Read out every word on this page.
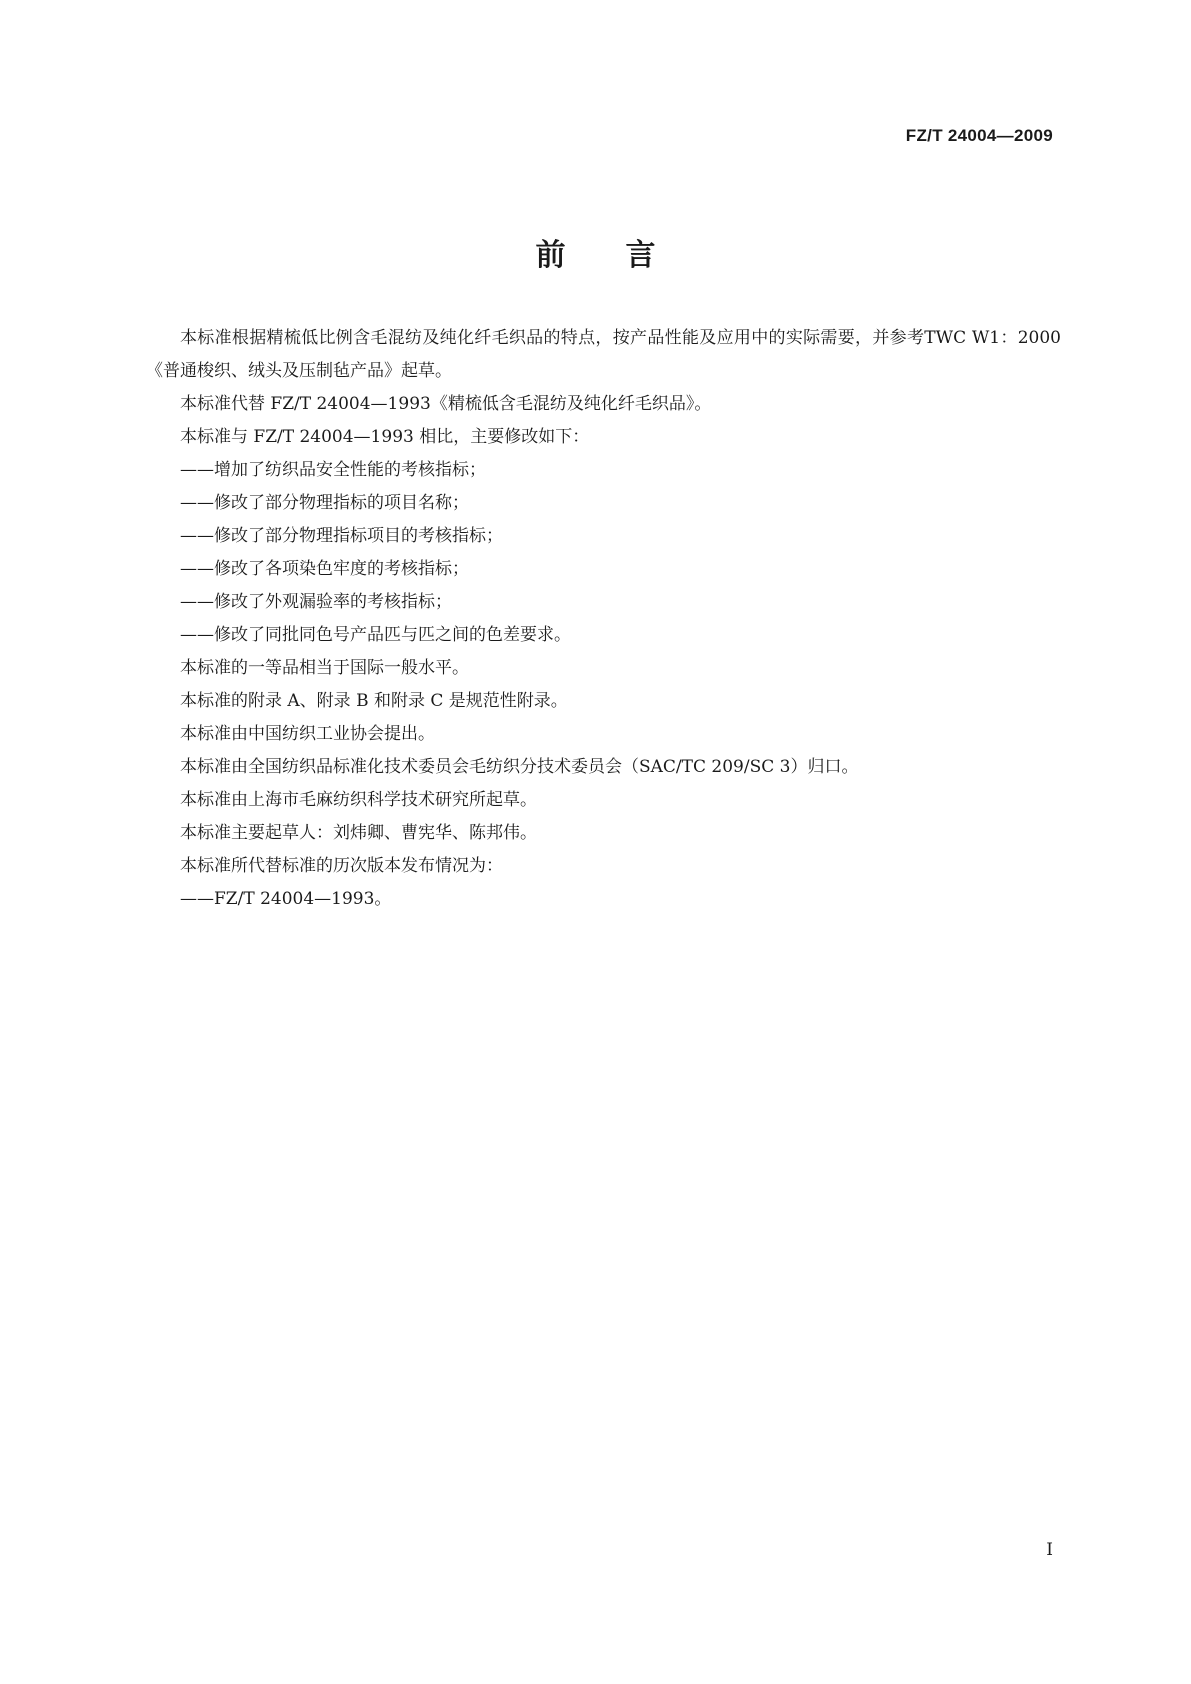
FZ/T 24004—2009
前言

本标准根据精梳低比例含毛混纺及纯化纤毛织品的特点，按产品性能及应用中的实际需要，并参考TWC W1：2000《普通梭织、绒头及压制毡产品》起草。

本标准代替 FZ/T 24004—1993《精梳低含毛混纺及纯化纤毛织品》。

本标准与 FZ/T 24004—1993 相比，主要修改如下：

——增加了纺织品安全性能的考核指标；

——修改了部分物理指标的项目名称；

——修改了部分物理指标项目的考核指标；

——修改了各项染色牢度的考核指标；

——修改了外观漏验率的考核指标；

——修改了同批同色号产品匹与匹之间的色差要求。

本标准的一等品相当于国际一般水平。

本标准的附录 A、附录 B 和附录 C 是规范性附录。

本标准由中国纺织工业协会提出。

本标准由全国纺织品标准化技术委员会毛纺织分技术委员会（SAC/TC 209/SC 3）归口。

本标准由上海市毛麻纺织科学技术研究所起草。

本标准主要起草人：刘炜卿、曹宪华、陈邦伟。

本标准所代替标准的历次版本发布情况为：

——FZ/T 24004—1993。

I
